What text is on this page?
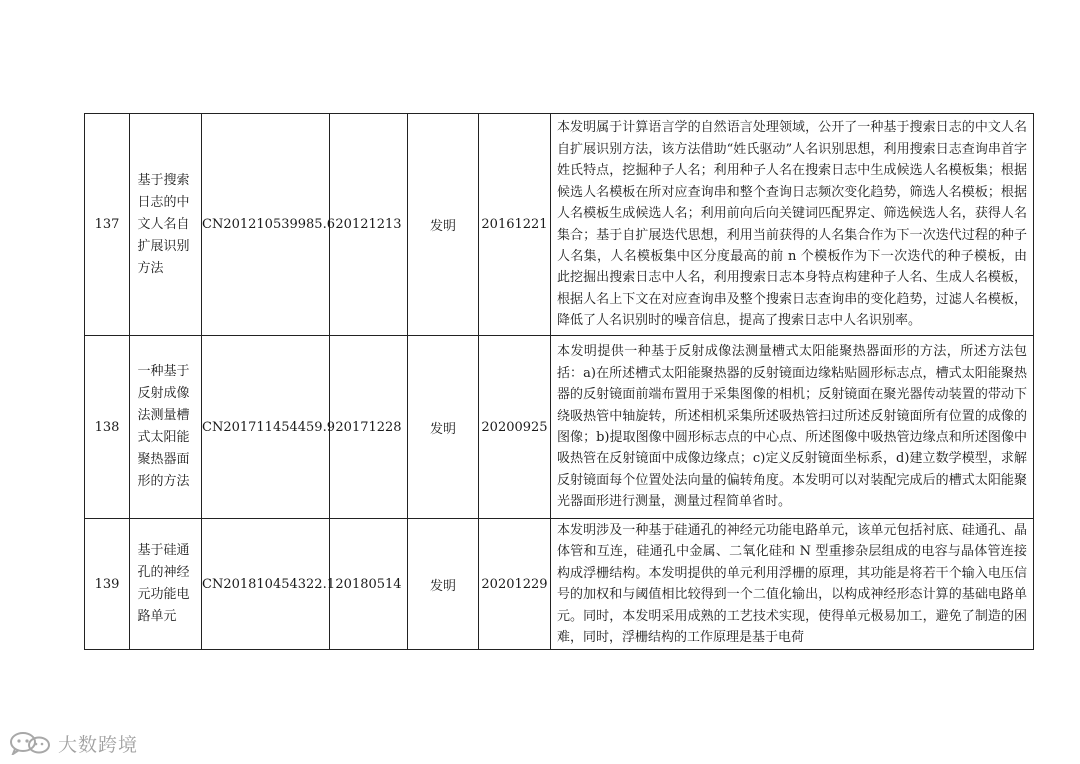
137	基于搜索日志的中文人名自扩展识别方法	CN201210539985.6	20121213	发明	20161221	本发明属于计算语言学的自然语言处理领域，公开了一种基于搜索日志的中文人名自扩展识别方法，该方法借助“姓氏驱动”人名识别思想，利用搜索日志查询串首字姓氏特点，挖掘种子人名；利用种子人名在搜索日志中生成候选人名模板集；根据候选人名模板在所对应查询串和整个查询日志频次变化趋势，筛选人名模板；根据人名模板生成候选人名；利用前向后向关键词匹配界定、筛选候选人名，获得人名集合；基于自扩展迭代思想，利用当前获得的人名集合作为下一次迭代过程的种子人名集，人名模板集中区分度最高的前 n 个模板作为下一次迭代的种子模板，由此挖掘出搜索日志中人名，利用搜索日志本身特点构建种子人名、生成人名模板，根据人名上下文在对应查询串及整个搜索日志查询串的变化趋势，过滤人名模板，降低了人名识别时的噪音信息，提高了搜索日志中人名识别率。
138	一种基于反射成像法测量槽式太阳能聚热器面形的方法	CN201711454459.9	20171228	发明	20200925	本发明提供一种基于反射成像法测量槽式太阳能聚热器面形的方法，所述方法包括：a)在所述槽式太阳能聚热器的反射镜面边缘粘贴圆形标志点，槽式太阳能聚热器的反射镜面前端布置用于采集图像的相机；反射镜面在聚光器传动装置的带动下绕吸热管中轴旋转，所述相机采集所述吸热管扫过所述反射镜面所有位置的成像的图像；b)提取图像中圆形标志点的中心点、所述图像中吸热管边缘点和所述图像中吸热管在反射镜面中成像边缘点；c)定义反射镜面坐标系，d)建立数学模型，求解反射镜面每个位置处法向量的偏转角度。本发明可以对装配完成后的槽式太阳能聚光器面形进行测量，测量过程简单省时。
139	基于硅通孔的神经元功能电路单元	CN201810454322.1	20180514	发明	20201229	本发明涉及一种基于硅通孔的神经元功能电路单元，该单元包括衬底、硅通孔、晶体管和互连，硅通孔中金属、二氧化硅和 N 型重掺杂层组成的电容与晶体管连接构成浮栅结构。本发明提供的单元利用浮栅的原理，其功能是将若干个输入电压信号的加权和与阈值相比较得到一个二值化输出，以构成神经形态计算的基础电路单元。同时，本发明采用成熟的工艺技术实现，使得单元极易加工，避免了制造的困难，同时，浮栅结构的工作原理是基于电荷
大数跨境
